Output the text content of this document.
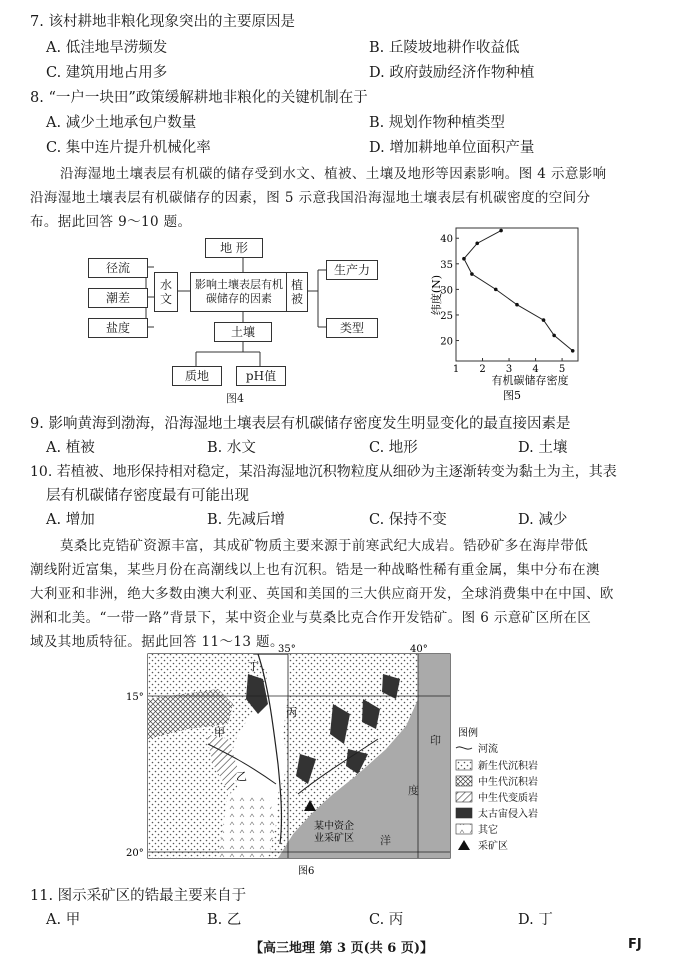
7. 该村耕地非粮化现象突出的主要原因是
A. 低洼地旱涝频发	B. 丘陵坡地耕作收益低
C. 建筑用地占用多	D. 政府鼓励经济作物种植
8. “一户一块田”政策缓解耕地非粮化的关键机制在于
A. 减少土地承包户数量	B. 规划作物种植类型
C. 集中连片提升机械化率	D. 增加耕地单位面积产量
沿海湿地土壤表层有机碳的储存受到水文、植被、土壤及地形等因素影响。图 4 示意影响
沿海湿地土壤表层有机碳储存的因素，图 5 示意我国沿海湿地土壤表层有机碳密度的空间分
布。据此回答 9～10 题。
地 形
影响土壤表层有机碳储存的因素
水
文
植
被
径流
潮差
盐度
生产力
类型
土壤
质地	pH值
图4
1 2 3 4 5
20
25
30
35
40
纬度(N)
有机碳储存密度
图5
9. 影响黄海到渤海，沿海湿地土壤表层有机碳储存密度发生明显变化的最直接因素是
A. 植被	B. 水文	C. 地形	D. 土壤
10. 若植被、地形保持相对稳定，某沿海湿地沉积物粒度从细砂为主逐渐转变为黏土为主，其表
层有机碳储存密度最有可能出现
A. 增加	B. 先减后增	C. 保持不变	D. 减少
莫桑比克锆矿资源丰富，其成矿物质主要来源于前寒武纪大成岩。锆砂矿多在海岸带低
潮线附近富集，某些月份在高潮线以上也有沉积。锆是一种战略性稀有重金属，集中分布在澳
大利亚和非洲，绝大多数由澳大利亚、英国和美国的三大供应商开发，全球消费集中在中国、欧
洲和北美。“一带一路”背景下，某中资企业与莫桑比克合作开发锆矿。图 6 示意矿区所在区
域及其地质特征。据此回答 11～13 题。
35°	40°
15°
20°
甲
乙
丙
丁
印
度
洋
某中资企
业采矿区
图例
河流
新生代沉积岩
中生代沉积岩
中生代变质岩
太古宙侵入岩
其它
采矿区
图6
11. 图示采矿区的锆最主要来自于
A. 甲	B. 乙	C. 丙	D. 丁
【高三地理 第 3 页(共 6 页)】	FJ
